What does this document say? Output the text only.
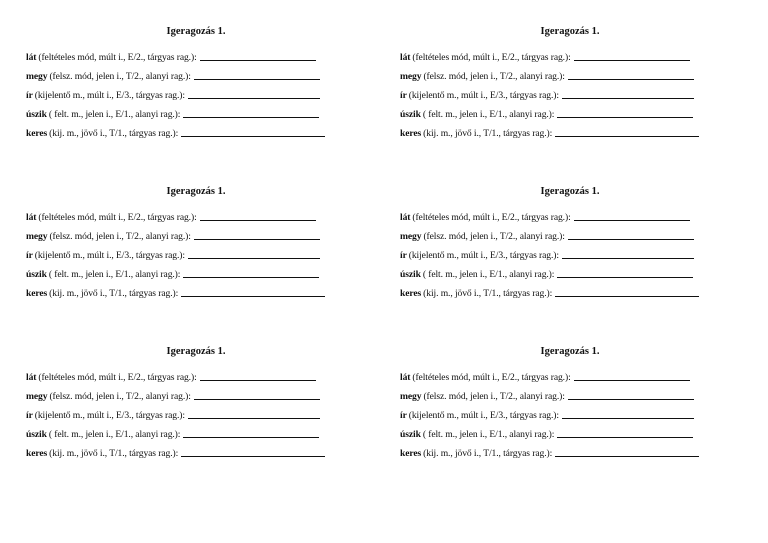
Igeragozás 1.
lát (feltételes mód, múlt i., E/2., tárgyas rag.):
megy (felsz. mód, jelen i., T/2., alanyi rag.):
ír (kijelentő m., múlt i., E/3., tárgyas rag.):
úszik ( felt. m., jelen i., E/1., alanyi rag.):
keres (kij. m., jövő i., T/1., tárgyas rag.):
Igeragozás 1.
lát (feltételes mód, múlt i., E/2., tárgyas rag.):
megy (felsz. mód, jelen i., T/2., alanyi rag.):
ír (kijelentő m., múlt i., E/3., tárgyas rag.):
úszik ( felt. m., jelen i., E/1., alanyi rag.):
keres (kij. m., jövő i., T/1., tárgyas rag.):
Igeragozás 1.
lát (feltételes mód, múlt i., E/2., tárgyas rag.):
megy (felsz. mód, jelen i., T/2., alanyi rag.):
ír (kijelentő m., múlt i., E/3., tárgyas rag.):
úszik ( felt. m., jelen i., E/1., alanyi rag.):
keres (kij. m., jövő i., T/1., tárgyas rag.):
Igeragozás 1.
lát (feltételes mód, múlt i., E/2., tárgyas rag.):
megy (felsz. mód, jelen i., T/2., alanyi rag.):
ír (kijelentő m., múlt i., E/3., tárgyas rag.):
úszik ( felt. m., jelen i., E/1., alanyi rag.):
keres (kij. m., jövő i., T/1., tárgyas rag.):
Igeragozás 1.
lát (feltételes mód, múlt i., E/2., tárgyas rag.):
megy (felsz. mód, jelen i., T/2., alanyi rag.):
ír (kijelentő m., múlt i., E/3., tárgyas rag.):
úszik ( felt. m., jelen i., E/1., alanyi rag.):
keres (kij. m., jövő i., T/1., tárgyas rag.):
Igeragozás 1.
lát (feltételes mód, múlt i., E/2., tárgyas rag.):
megy (felsz. mód, jelen i., T/2., alanyi rag.):
ír (kijelentő m., múlt i., E/3., tárgyas rag.):
úszik ( felt. m., jelen i., E/1., alanyi rag.):
keres (kij. m., jövő i., T/1., tárgyas rag.):
